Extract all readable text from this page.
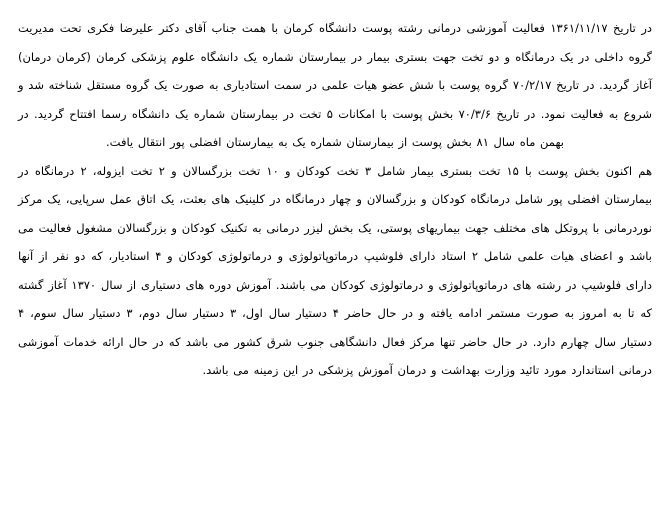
در تاریخ ۱۳۶۱/۱۱/۱۷ فعالیت آموزشی درمانی رشته پوست دانشگاه کرمان با همت جناب آقای دکتر علیرضا فکری تحت مدیریت گروه داخلی در یک درمانگاه و دو تخت جهت بستری بیمار در بیمارستان شماره یک دانشگاه علوم پزشکی کرمان (کرمان درمان) آغاز گردید. در تاریخ ۷۰/۲/۱۷ گروه پوست با شش عضو هیات علمی در سمت استادیاری به صورت یک گروه مستقل شناخته شد و شروع به فعالیت نمود. در تاریخ ۷۰/۳/۶ بخش پوست با امکانات ۵ تخت در بیمارستان شماره یک دانشگاه رسما افتتاح گردید. در بهمن ماه سال ۸۱ بخش پوست از بیمارستان شماره یک به بیمارستان افضلی پور انتقال یافت.

هم اکنون بخش پوست با ۱۵ تخت بستری بیمار شامل ۳ تخت کودکان و ۱۰ تخت بزرگسالان و ۲ تخت ایزوله، ۲ درمانگاه در بیمارستان افضلی پور شامل درمانگاه کودکان و بزرگسالان و چهار درمانگاه در کلینیک های بعثت، یک اتاق عمل سرپایی، یک مرکز نوردرمانی با پروتکل های مختلف جهت بیماریهای پوستی، یک بخش لیزر درمانی به تکنیک کودکان و بزرگسالان مشغول فعالیت می باشد و اعضای هیات علمی شامل ۲ استاد دارای فلوشیپ درماتوپاتولوژی و درماتولوژی کودکان و ۴ استادیار، که دو نفر از آنها دارای فلوشیپ در رشته های درماتوپاتولوژی و درماتولوژی کودکان می باشند. آموزش دوره های دستیاری از سال ۱۳۷۰ آغاز گشته که تا به امروز به صورت مستمر ادامه یافته و در حال حاضر ۴ دستیار سال اول، ۳ دستیار سال دوم، ۳ دستیار سال سوم، ۴ دستیار سال چهارم دارد. در حال حاضر تنها مرکز فعال دانشگاهی جنوب شرق کشور می باشد که در حال ارائه خدمات آموزشی درمانی استاندارد مورد تائید وزارت بهداشت و درمان آموزش پزشکی در این زمینه می باشد.
